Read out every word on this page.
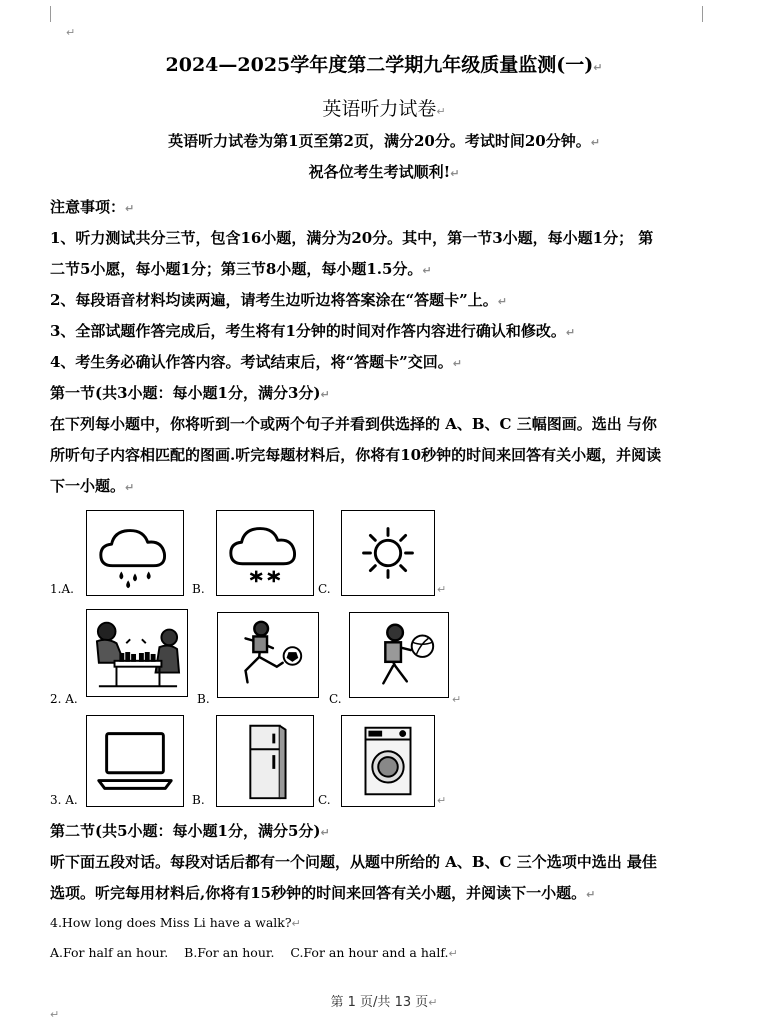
↵
2024—2025学年度第二学期九年级质量监测(一)↵
英语听力试卷↵
英语听力试卷为第1页至第2页，满分20分。考试时间20分钟。↵
祝各位考生考试顺利!↵
注意事项：↵
1、听力测试共分三节，包含16小题，满分为20分。其中，第一节3小题，每小题1分； 第
二节5小愿，每小题1分；第三节8小题，每小题1.5分。↵
2、每段语音材料均读两遍，请考生边听边将答案涂在“答题卡”上。↵
3、全部试题作答完成后，考生将有1分钟的时间对作答内容进行确认和修改。↵
4、考生务必确认作答内容。考试结束后，将“答题卡”交回。↵
第一节(共3小题：每小题1分，满分3分)↵
在下列每小题中，你将听到一个或两个句子并看到供选择的 A、B、C 三幅图画。选出 与你
所听句子内容相匹配的图画.听完每题材料后，你将有10秒钟的时间来回答有关小题，并阅读
下一小题。↵
1.A.	B.	C.	↵
2. A.	B.	C.	↵
3. A.	B.	C.	↵
第二节(共5小题：每小题1分，满分5分)↵
听下面五段对话。每段对话后都有一个问题，从题中所给的 A、B、C 三个选项中选出 最佳
选项。听完每用材料后,你将有15秒钟的时间来回答有关小题，并阅读下一小题。↵
4.How long does Miss Li have a walk?↵
A.For half an hour.    B.For an hour.    C.For an hour and a half.↵
第 1 页/共 13 页↵
↵
